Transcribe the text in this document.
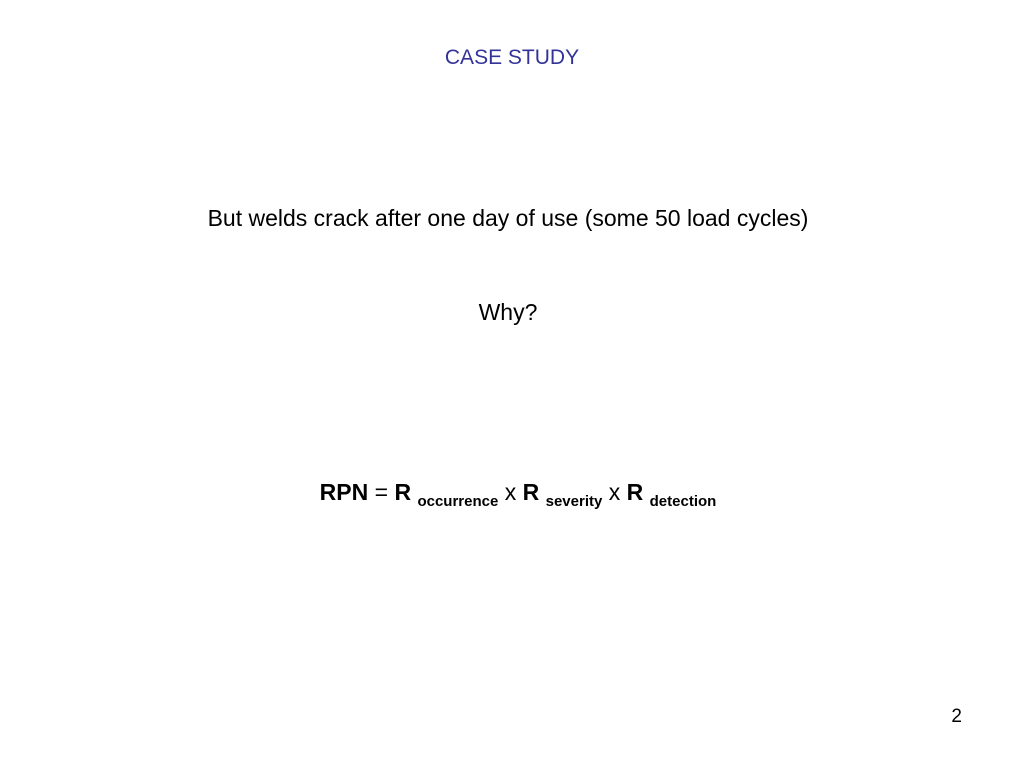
CASE STUDY
But welds crack after one day of use (some 50 load cycles)
Why?
RPN = R $_{occurrence}$ x R $_{severity}$ x R $_{detection}$
2
